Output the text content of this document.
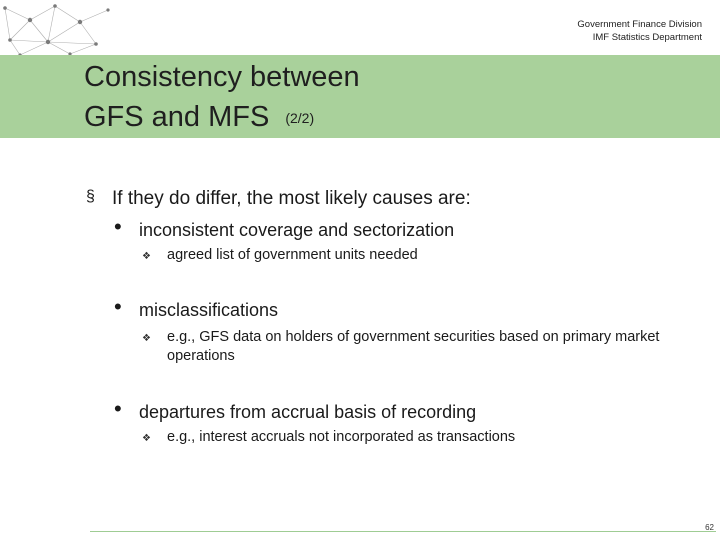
Government Finance Division
IMF Statistics Department
Consistency between
GFS and MFS (2/2)
§ If they do differ, the most likely causes are:
• inconsistent coverage and sectorization
❖ agreed list of government units needed
• misclassifications
❖ e.g., GFS data on holders of government securities based on primary market operations
• departures from accrual basis of recording
❖ e.g., interest accruals not incorporated as transactions
62
